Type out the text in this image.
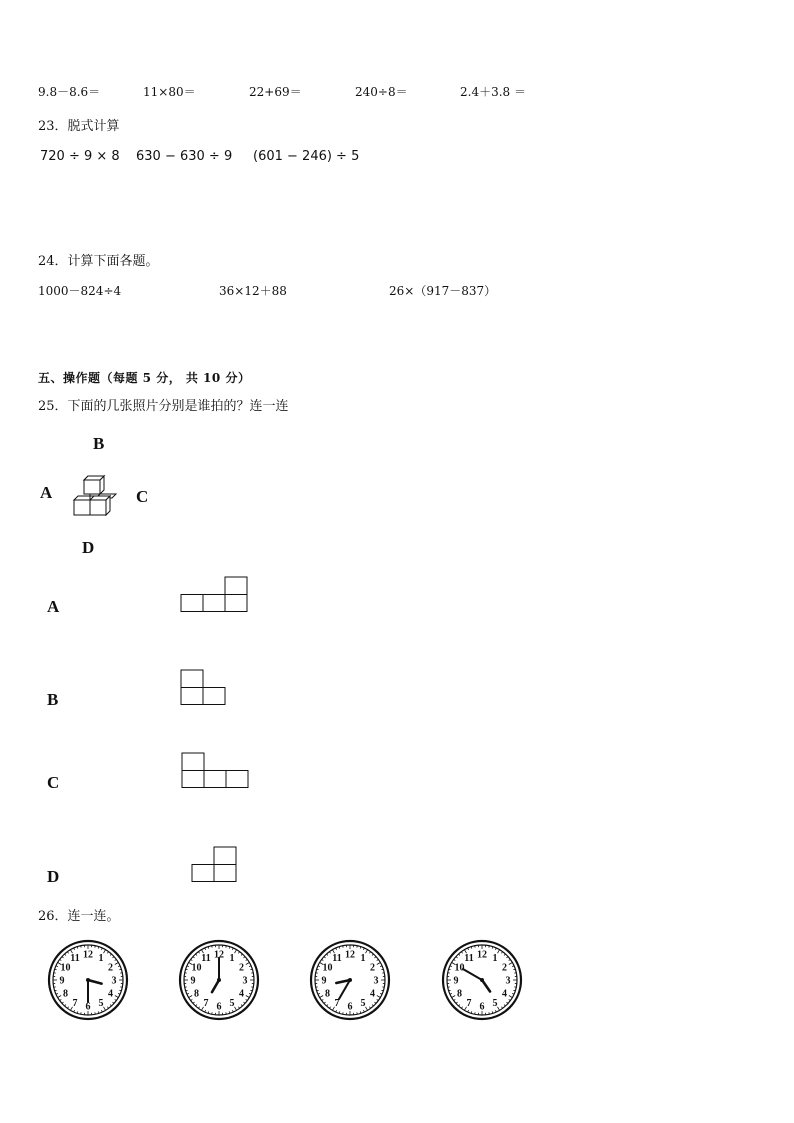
9.8－8.6＝	11×80＝	22+69＝	240÷8＝	2.4＋3.8 ＝
23．脱式计算
720 ÷ 9 × 8 630 − 630 ÷ 9 (601 − 246) ÷ 5
24．计算下面各题。
1000－824÷4	36×12＋88	26×（917－837）
五、操作题（每题 5 分， 共 10 分）
25．下面的几张照片分别是谁拍的？连一连
B
A	C
D
A
B
C
D
26．连一连。
12 1
2
3
4
5
6
7
8
9
10
11	12 1
2
3
4
5
6
7
8
9
10
11	12 1
2
3
4
5
6
7
8
9
10
11	12 1
2
3
4
5
6
7
8
9
10
11
